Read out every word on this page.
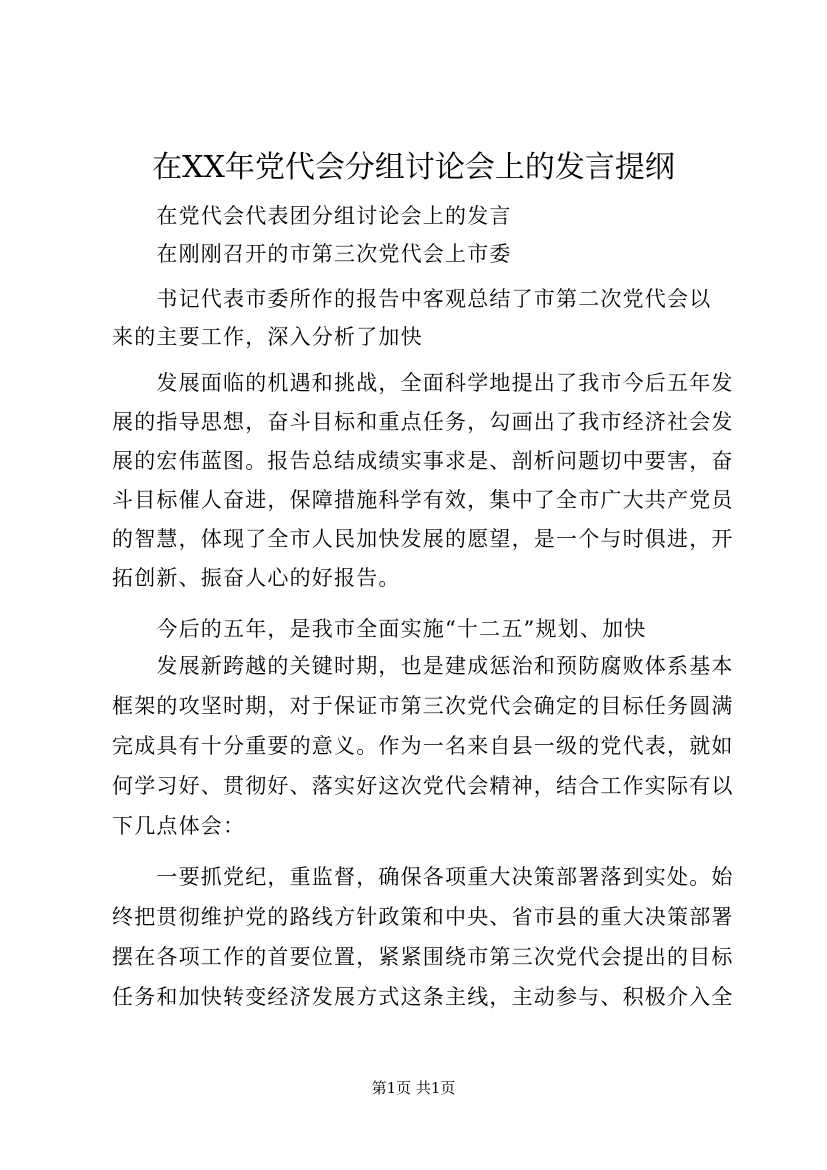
在XX年党代会分组讨论会上的发言提纲
　　在党代会代表团分组讨论会上的发言
　　在刚刚召开的市第三次党代会上市委
　　书记代表市委所作的报告中客观总结了市第二次党代会以
来的主要工作，深入分析了加快
　　发展面临的机遇和挑战，全面科学地提出了我市今后五年发
展的指导思想，奋斗目标和重点任务，勾画出了我市经济社会发
展的宏伟蓝图。报告总结成绩实事求是、剖析问题切中要害，奋
斗目标催人奋进，保障措施科学有效，集中了全市广大共产党员
的智慧，体现了全市人民加快发展的愿望，是一个与时俱进，开
拓创新、振奋人心的好报告。
　　今后的五年，是我市全面实施“十二五”规划、加快
　　发展新跨越的关键时期，也是建成惩治和预防腐败体系基本
框架的攻坚时期，对于保证市第三次党代会确定的目标任务圆满
完成具有十分重要的意义。作为一名来自县一级的党代表，就如
何学习好、贯彻好、落实好这次党代会精神，结合工作实际有以
下几点体会：
　　一要抓党纪，重监督，确保各项重大决策部署落到实处。始
终把贯彻维护党的路线方针政策和中央、省市县的重大决策部署
摆在各项工作的首要位置，紧紧围绕市第三次党代会提出的目标
任务和加快转变经济发展方式这条主线，主动参与、积极介入全
第1页 共1页
